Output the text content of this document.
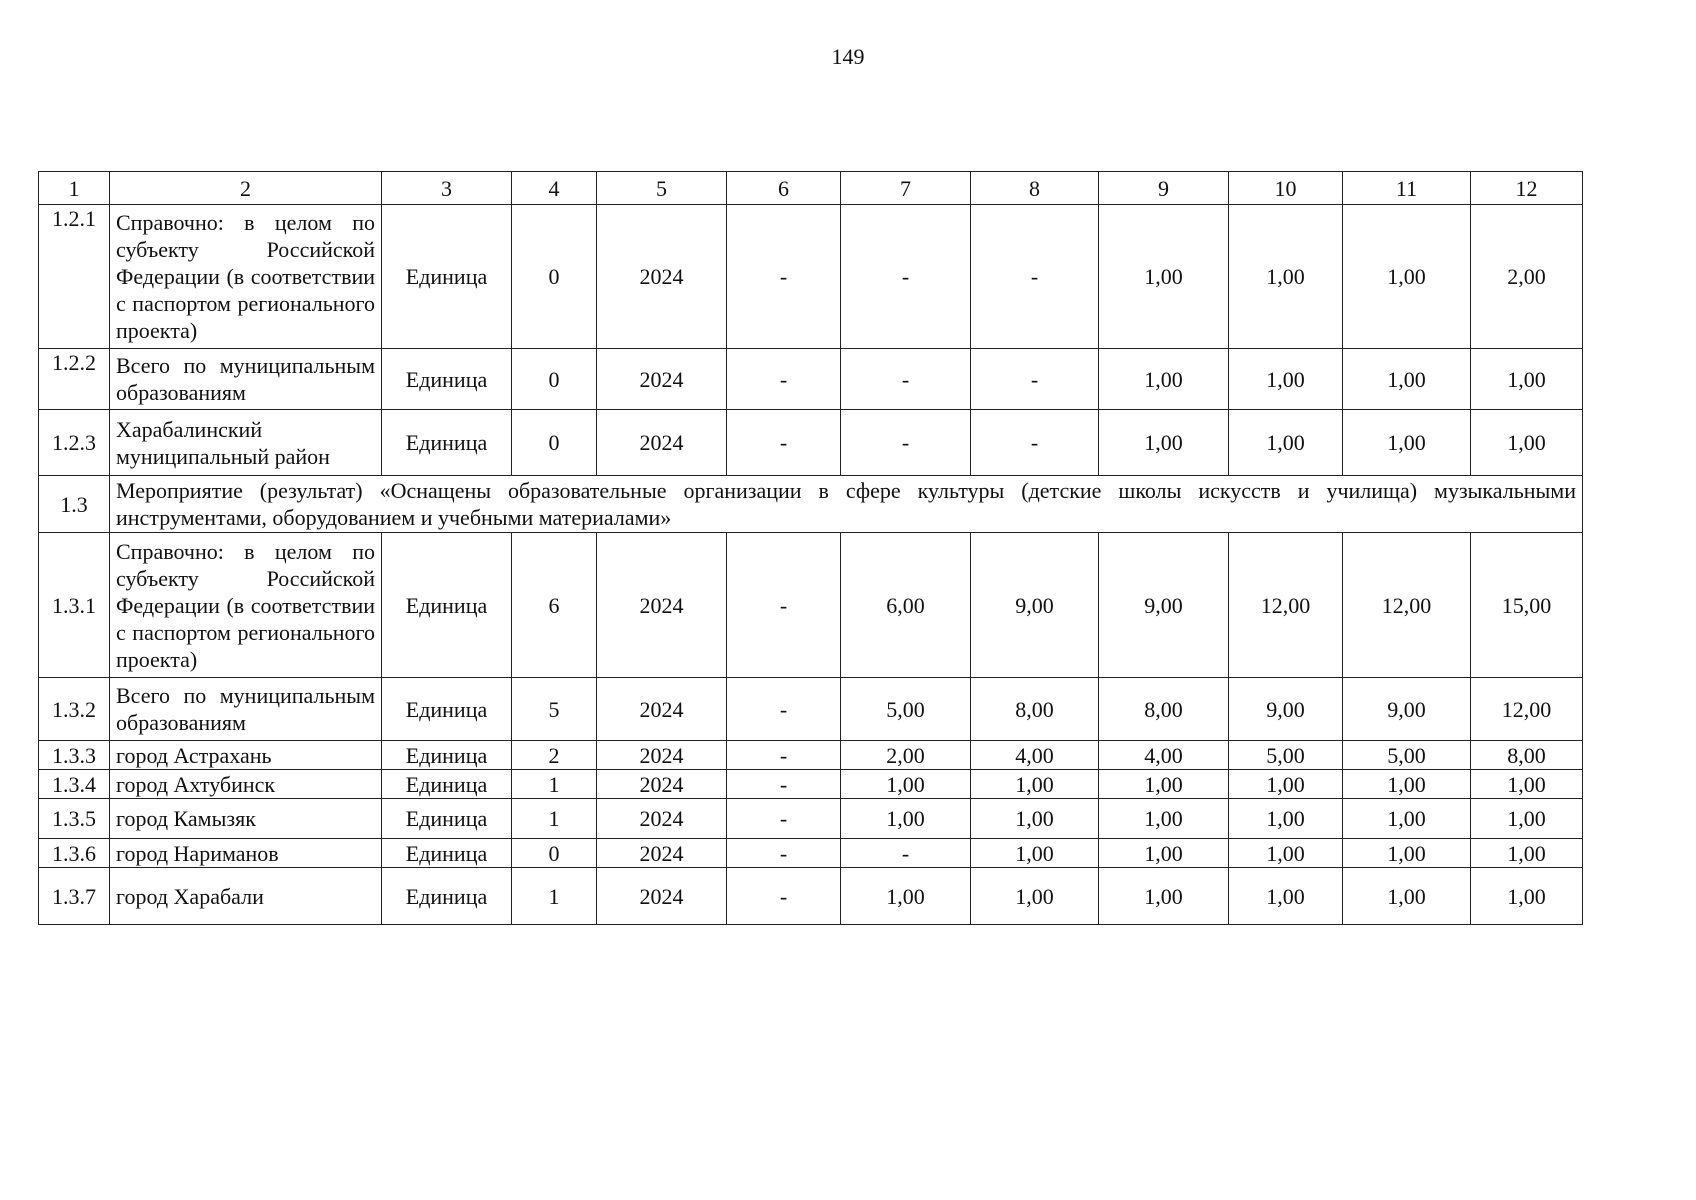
149
1	2	3	4	5	6	7	8	9	10	11	12
1.2.1	Справочно: в целом по субъекту Российской Федерации (в соответствии с паспортом регионального проекта)	Единица	0	2024	-	-	-	1,00	1,00	1,00	2,00
1.2.2	Всего по муниципальным образованиям	Единица	0	2024	-	-	-	1,00	1,00	1,00	1,00
1.2.3	Харабалинский муниципальный район	Единица	0	2024	-	-	-	1,00	1,00	1,00	1,00
1.3	Мероприятие (результат) «Оснащены образовательные организации в сфере культуры (детские школы искусств и училища) музыкальными инструментами, оборудованием и учебными материалами»										
1.3.1	Справочно: в целом по субъекту Российской Федерации (в соответствии с паспортом регионального проекта)	Единица	6	2024	-	6,00	9,00	9,00	12,00	12,00	15,00
1.3.2	Всего по муниципальным образованиям	Единица	5	2024	-	5,00	8,00	8,00	9,00	9,00	12,00
1.3.3	город Астрахань	Единица	2	2024	-	2,00	4,00	4,00	5,00	5,00	8,00
1.3.4	город Ахтубинск	Единица	1	2024	-	1,00	1,00	1,00	1,00	1,00	1,00
1.3.5	город Камызяк	Единица	1	2024	-	1,00	1,00	1,00	1,00	1,00	1,00
1.3.6	город Нариманов	Единица	0	2024	-	-	1,00	1,00	1,00	1,00	1,00
1.3.7	город Харабали	Единица	1	2024	-	1,00	1,00	1,00	1,00	1,00	1,00
